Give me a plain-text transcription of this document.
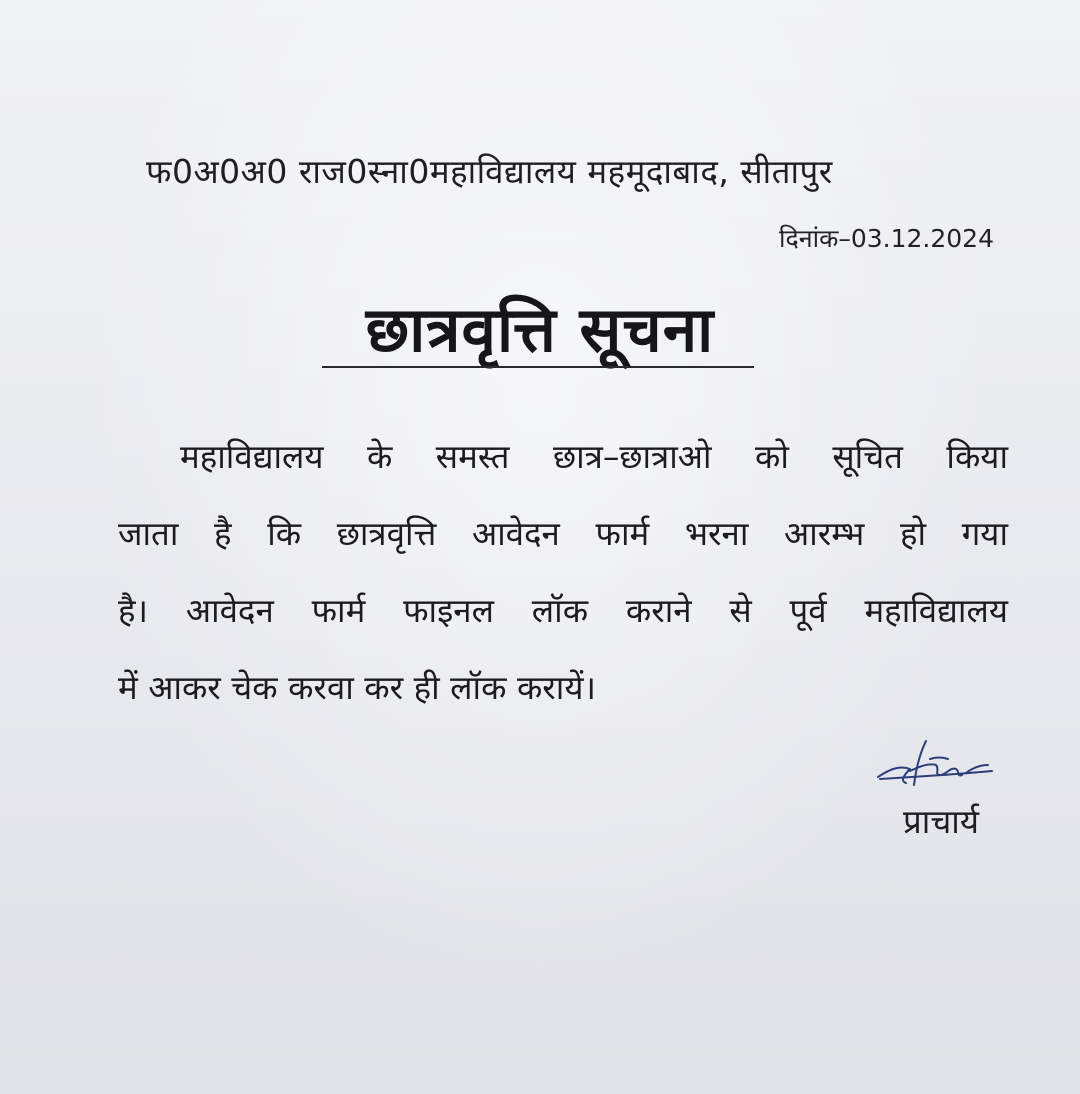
फ0अ0अ0 राज0स्ना0महाविद्यालय महमूदाबाद, सीतापुर
दिनांक–03.12.2024
छात्रवृत्ति सूचना
महाविद्यालय के समस्त छात्र–छात्राओ को सूचित किया
जाता है कि छात्रवृत्ति आवेदन फार्म भरना आरम्भ हो गया
है। आवेदन फार्म फाइनल लॉक कराने से पूर्व महाविद्यालय
में आकर चेक करवा कर ही लॉक करायें।
प्राचार्य
